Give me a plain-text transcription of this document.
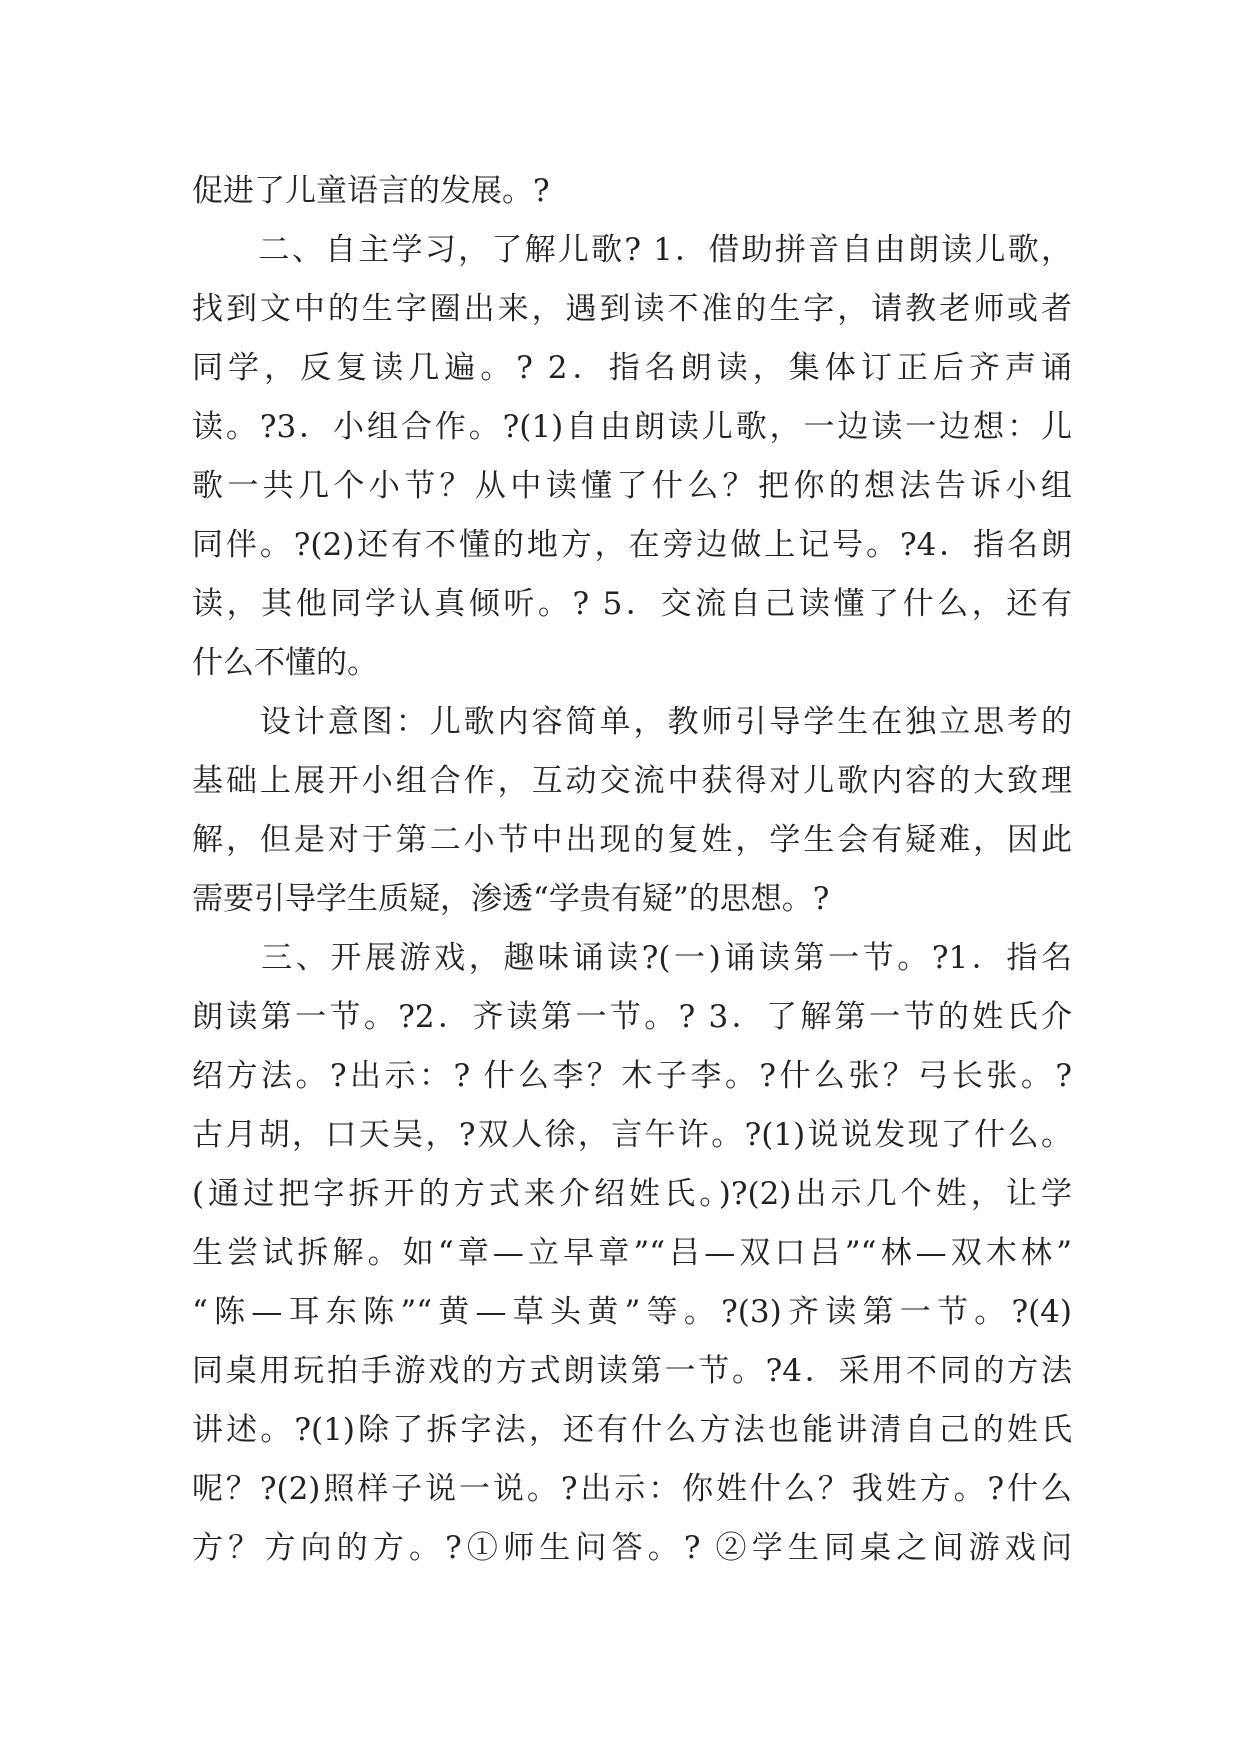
促进了儿童语言的发展。?
　　二、自主学习，了解儿歌? 1．借助拼音自由朗读儿歌，
找到文中的生字圈出来，遇到读不准的生字，请教老师或者
同学，反复读几遍。? 2．指名朗读，集体订正后齐声诵
读。?3．小组合作。?(1)自由朗读儿歌，一边读一边想：儿
歌一共几个小节？从中读懂了什么？把你的想法告诉小组
同伴。?(2)还有不懂的地方，在旁边做上记号。?4．指名朗
读，其他同学认真倾听。? 5．交流自己读懂了什么，还有
什么不懂的。
　　设计意图：儿歌内容简单，教师引导学生在独立思考的
基础上展开小组合作，互动交流中获得对儿歌内容的大致理
解，但是对于第二小节中出现的复姓，学生会有疑难，因此
需要引导学生质疑，渗透“学贵有疑”的思想。?
　　三、开展游戏，趣味诵读?(一)诵读第一节。?1．指名
朗读第一节。?2．齐读第一节。? 3．了解第一节的姓氏介
绍方法。?出示：? 什么李？木子李。?什么张？弓长张。?
古月胡，口天吴，?双人徐，言午许。?(1)说说发现了什么。
(通过把字拆开的方式来介绍姓氏。)?(2)出示几个姓，让学
生尝试拆解。如“章—立早章”“吕—双口吕”“林—双木林”
“陈—耳东陈”“黄—草头黄”等。?(3)齐读第一节。?(4)
同桌用玩拍手游戏的方式朗读第一节。?4．采用不同的方法
讲述。?(1)除了拆字法，还有什么方法也能讲清自己的姓氏
呢？?(2)照样子说一说。?出示：你姓什么？我姓方。?什么
方？方向的方。?①师生问答。? ②学生同桌之间游戏问
